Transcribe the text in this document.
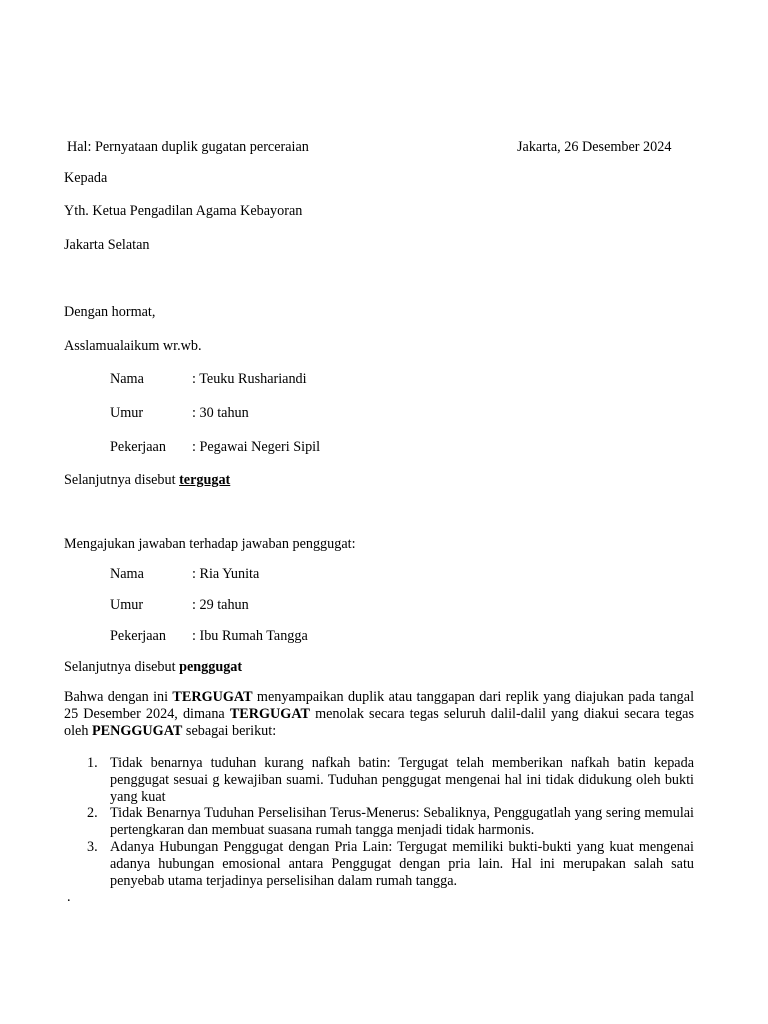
Hal: Pernyataan duplik gugatan perceraian	Jakarta, 26 Desember 2024
Kepada
Yth. Ketua Pengadilan Agama Kebayoran
Jakarta Selatan
Dengan hormat,
Asslamualaikum wr.wb.
Nama	: Teuku Rushariandi
Umur	: 30 tahun
Pekerjaan : Pegawai Negeri Sipil
Selanjutnya disebut tergugat
Mengajukan jawaban terhadap jawaban penggugat:
Nama	: Ria Yunita
Umur	: 29 tahun
Pekerjaan : Ibu Rumah Tangga
Selanjutnya disebut penggugat
Bahwa dengan ini TERGUGAT menyampaikan duplik atau tanggapan dari replik yang diajukan pada tangal 25 Desember 2024, dimana TERGUGAT menolak secara tegas seluruh dalil-dalil yang diakui secara tegas oleh PENGGUGAT sebagai berikut:
1. Tidak benarnya tuduhan kurang nafkah batin: Tergugat telah memberikan nafkah batin kepada penggugat sesuai g kewajiban suami. Tuduhan penggugat mengenai hal ini tidak didukung oleh bukti yang kuat
2. Tidak Benarnya Tuduhan Perselisihan Terus-Menerus: Sebaliknya, Penggugatlah yang sering memulai pertengkaran dan membuat suasana rumah tangga menjadi tidak harmonis.
3. Adanya Hubungan Penggugat dengan Pria Lain: Tergugat memiliki bukti-bukti yang kuat mengenai adanya hubungan emosional antara Penggugat dengan pria lain. Hal ini merupakan salah satu penyebab utama terjadinya perselisihan dalam rumah tangga.
.
